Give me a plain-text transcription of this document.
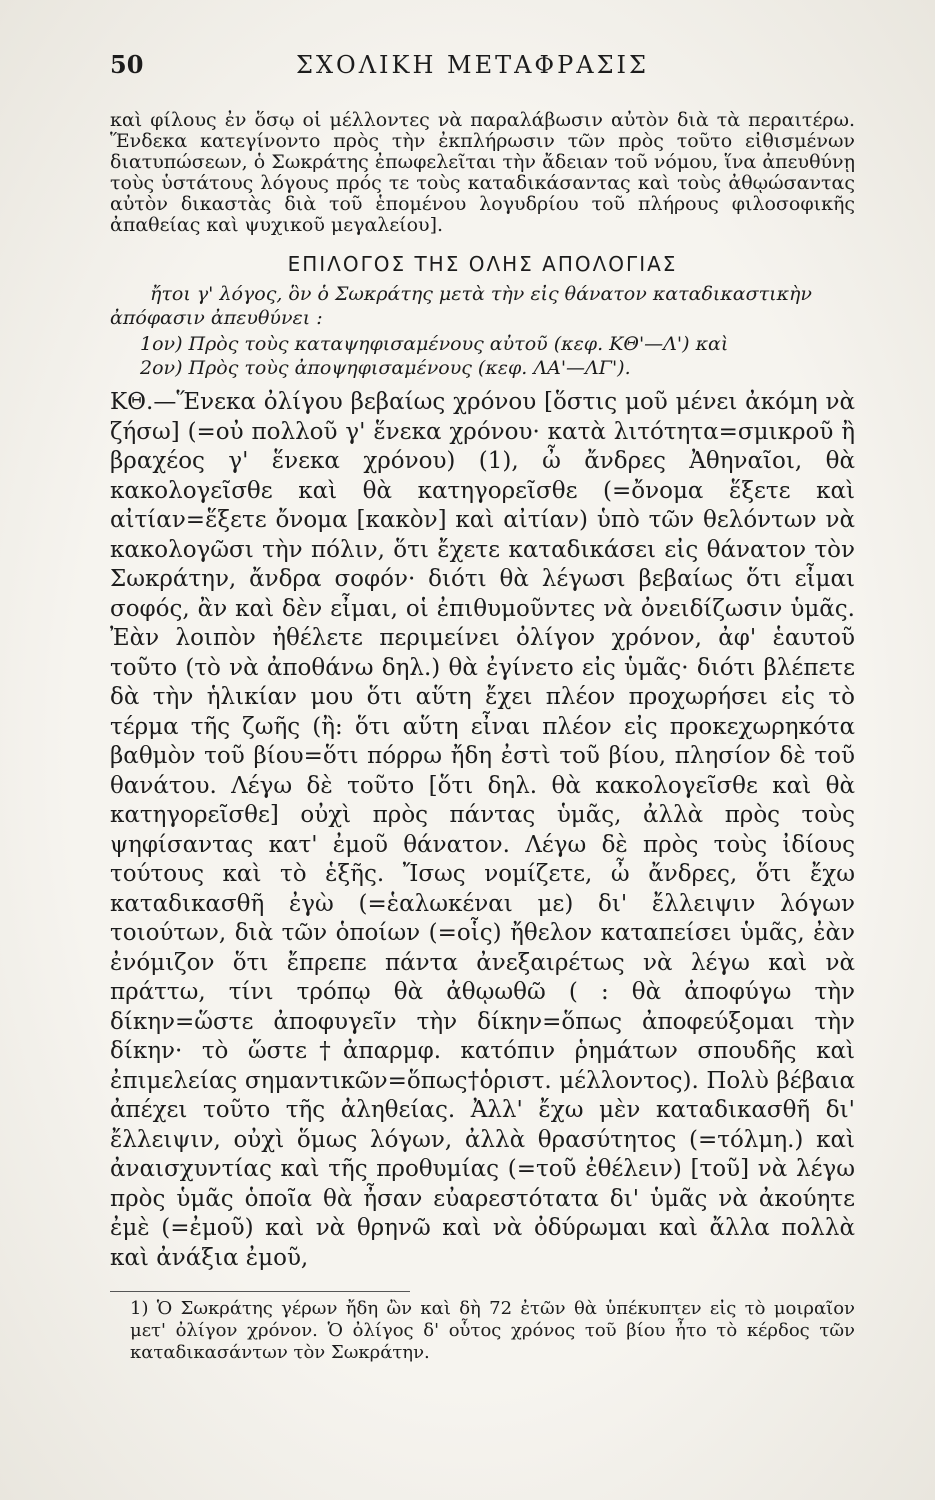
50	ΣΧΟΛΙΚΗ ΜΕΤΑΦΡΑΣΙΣ

καὶ φίλους ἐν ὅσῳ οἱ μέλλοντες νὰ παραλάβωσιν αὐτὸν διὰ τὰ περαιτέρω. Ἕνδεκα κατεγίνοντο πρὸς τὴν ἐκπλήρωσιν τῶν πρὸς τοῦτο εἰθισμένων διατυπώσεων, ὁ Σωκράτης ἐπωφελεῖται τὴν ἄδειαν τοῦ νόμου, ἵνα ἀπευθύνῃ τοὺς ὑστάτους λόγους πρός τε τοὺς καταδικάσαντας καὶ τοὺς ἀθῳώσαντας αὐτὸν δικαστὰς διὰ τοῦ ἑπομένου λογυδρίου τοῦ πλήρους φιλοσοφικῆς ἀπαθείας καὶ ψυχικοῦ μεγαλείου].

ΕΠΙΛΟΓΟΣ ΤΗΣ ΟΛΗΣ ΑΠΟΛΟΓΙΑΣ

ἤτοι γ' λόγος, ὃν ὁ Σωκράτης μετὰ τὴν εἰς θάνατον καταδικαστικὴν ἀπόφασιν ἀπευθύνει :

1ον) Πρὸς τοὺς καταψηφισαμένους αὐτοῦ (κεφ. ΚΘ'—Λ') καὶ
2ον) Πρὸς τοὺς ἀποψηφισαμένους (κεφ. ΛΑ'—ΛΓ').

ΚΘ.—Ἕνεκα ὀλίγου βεβαίως χρόνου [ὅστις μοῦ μένει ἀκόμη νὰ ζήσω] (=οὐ πολλοῦ γ' ἕνεκα χρόνου· κατὰ λιτότητα=σμικροῦ ἢ βραχέος γ' ἕνεκα χρόνου) (1), ὦ ἄνδρες Ἀθηναῖοι, θὰ κακολογεῖσθε καὶ θὰ κατηγορεῖσθε (=ὄνομα ἕξετε καὶ αἰτίαν=ἕξετε ὄνομα [κακὸν] καὶ αἰτίαν) ὑπὸ τῶν θελόντων νὰ κακολογῶσι τὴν πόλιν, ὅτι ἔχετε καταδικάσει εἰς θάνατον τὸν Σωκράτην, ἄνδρα σοφόν· διότι θὰ λέγωσι βεβαίως ὅτι εἶμαι σοφός, ἂν καὶ δὲν εἶμαι, οἱ ἐπιθυμοῦντες νὰ ὀνειδίζωσιν ὑμᾶς. Ἐὰν λοιπὸν ἠθέλετε περιμείνει ὀλίγον χρόνον, ἀφ' ἑαυτοῦ τοῦτο (τὸ νὰ ἀποθάνω δηλ.) θὰ ἐγίνετο εἰς ὑμᾶς· διότι βλέπετε δὰ τὴν ἡλικίαν μου ὅτι αὕτη ἔχει πλέον προχωρήσει εἰς τὸ τέρμα τῆς ζωῆς (ἢ: ὅτι αὕτη εἶναι πλέον εἰς προκεχωρηκότα βαθμὸν τοῦ βίου=ὅτι πόρρω ἤδη ἐστὶ τοῦ βίου, πλησίον δὲ τοῦ θανάτου. Λέγω δὲ τοῦτο [ὅτι δηλ. θὰ κακολογεῖσθε καὶ θὰ κατηγορεῖσθε] οὐχὶ πρὸς πάντας ὑμᾶς, ἀλλὰ πρὸς τοὺς ψηφίσαντας κατ' ἐμοῦ θάνατον. Λέγω δὲ πρὸς τοὺς ἰδίους τούτους καὶ τὸ ἑξῆς. Ἴσως νομίζετε, ὦ ἄνδρες, ὅτι ἔχω καταδικασθῆ ἐγὼ (=ἑαλωκέναι με) δι' ἔλλειψιν λόγων τοιούτων, διὰ τῶν ὁποίων (=οἷς) ἤθελον καταπείσει ὑμᾶς, ἐὰν ἐνόμιζον ὅτι ἔπρεπε πάντα ἀνεξαιρέτως νὰ λέγω καὶ νὰ πράττω, τίνι τρόπῳ θὰ ἀθῳωθῶ ( : θὰ ἀποφύγω τὴν δίκην=ὥστε ἀποφυγεῖν τὴν δίκην=ὅπως ἀποφεύξομαι τὴν δίκην· τὸ ὥστε†ἀπαρμφ. κατόπιν ῥημάτων σπουδῆς καὶ ἐπιμελείας σημαντικῶν=ὅπως†ὁριστ. μέλλοντος). Πολὺ βέβαια ἀπέχει τοῦτο τῆς ἀληθείας. Ἀλλ' ἔχω μὲν καταδικασθῆ δι' ἔλλειψιν, οὐχὶ ὅμως λόγων, ἀλλὰ θρασύτητος (=τόλμη.) καὶ ἀναισχυντίας καὶ τῆς προθυμίας (=τοῦ ἐθέλειν) [τοῦ] νὰ λέγω πρὸς ὑμᾶς ὁποῖα θὰ ἦσαν εὐαρεστότατα δι' ὑμᾶς νὰ ἀκούητε ἐμὲ (=ἐμοῦ) καὶ νὰ θρηνῶ καὶ νὰ ὀδύρωμαι καὶ ἄλλα πολλὰ καὶ ἀνάξια ἐμοῦ,

1) Ὁ Σωκράτης γέρων ἤδη ὢν καὶ δὴ 72 ἐτῶν θὰ ὑπέκυπτεν εἰς τὸ μοιραῖον μετ' ὀλίγον χρόνον. Ὁ ὀλίγος δ' οὗτος χρόνος τοῦ βίου ἦτο τὸ κέρδος τῶν καταδικασάντων τὸν Σωκράτην.
